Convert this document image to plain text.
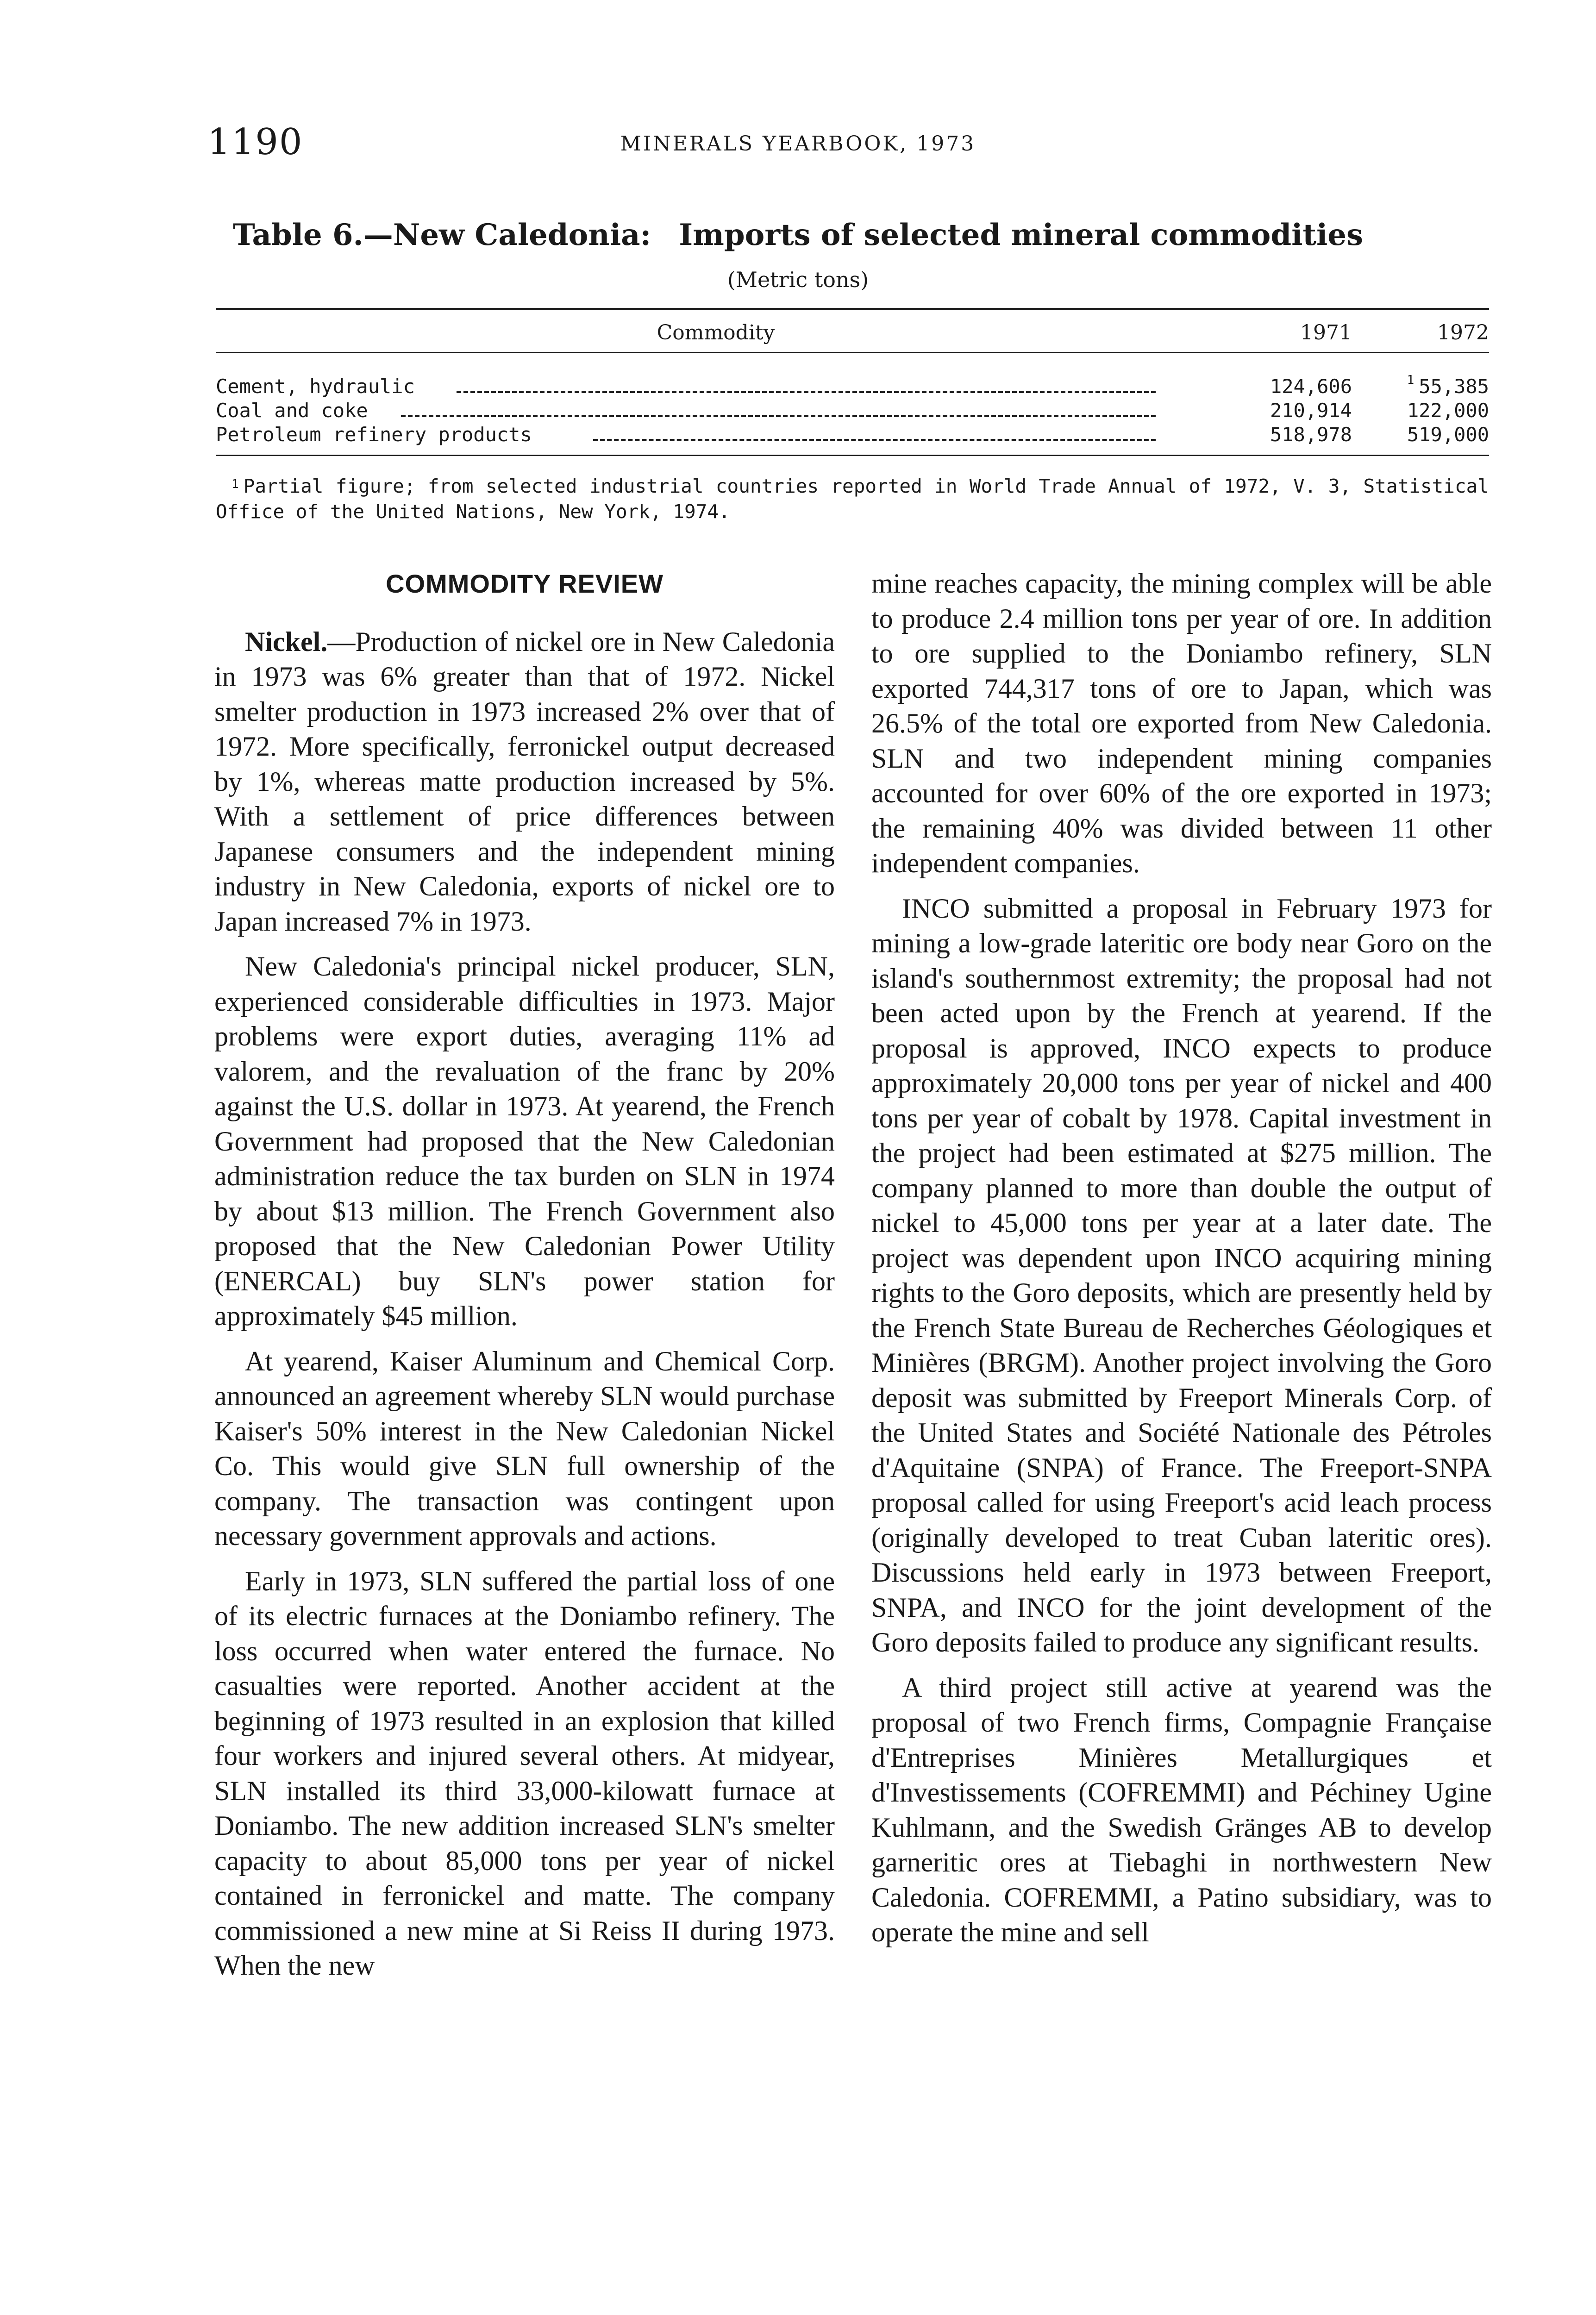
1190	MINERALS YEARBOOK, 1973
Table 6.—New Caledonia: Imports of selected mineral commodities
(Metric tons)
Commodity	1971	1972
Cement, hydraulic	124,606	$^1$ 55,385
Coal and coke	210,914	122,000
Petroleum refinery products	518,978	519,000
$^1$ Partial figure; from selected industrial countries reported in World Trade Annual of 1972, V. 3, Statistical Office of the United Nations, New York, 1974.
COMMODITY REVIEW

Nickel.—Production of nickel ore in New Caledonia in 1973 was 6% greater than that of 1972. Nickel smelter production in 1973 increased 2% over that of 1972. More specifically, ferronickel output decreased by 1%, whereas matte production increased by 5%. With a settlement of price differences between Japanese consumers and the independent mining industry in New Caledonia, exports of nickel ore to Japan increased 7% in 1973.

New Caledonia's principal nickel producer, SLN, experienced considerable difficulties in 1973. Major problems were export duties, averaging 11% ad valorem, and the revaluation of the franc by 20% against the U.S. dollar in 1973. At yearend, the French Government had proposed that the New Caledonian administration reduce the tax burden on SLN in 1974 by about $13 million. The French Government also proposed that the New Caledonian Power Utility (ENERCAL) buy SLN's power station for approximately $45 million.

At yearend, Kaiser Aluminum and Chemical Corp. announced an agreement whereby SLN would purchase Kaiser's 50% interest in the New Caledonian Nickel Co. This would give SLN full ownership of the company. The transaction was contingent upon necessary government approvals and actions.

Early in 1973, SLN suffered the partial loss of one of its electric furnaces at the Doniambo refinery. The loss occurred when water entered the furnace. No casualties were reported. Another accident at the beginning of 1973 resulted in an explosion that killed four workers and injured several others. At midyear, SLN installed its third 33,000-kilowatt furnace at Doniambo. The new addition increased SLN's smelter capacity to about 85,000 tons per year of nickel contained in ferronickel and matte. The company commissioned a new mine at Si Reiss II during 1973. When the new

mine reaches capacity, the mining complex will be able to produce 2.4 million tons per year of ore. In addition to ore supplied to the Doniambo refinery, SLN exported 744,317 tons of ore to Japan, which was 26.5% of the total ore exported from New Caledonia. SLN and two independent mining companies accounted for over 60% of the ore exported in 1973; the remaining 40% was divided between 11 other independent companies.

INCO submitted a proposal in February 1973 for mining a low-grade lateritic ore body near Goro on the island's southernmost extremity; the proposal had not been acted upon by the French at yearend. If the proposal is approved, INCO expects to produce approximately 20,000 tons per year of nickel and 400 tons per year of cobalt by 1978. Capital investment in the project had been estimated at $275 million. The company planned to more than double the output of nickel to 45,000 tons per year at a later date. The project was dependent upon INCO acquiring mining rights to the Goro deposits, which are presently held by the French State Bureau de Recherches Géologiques et Minières (BRGM). Another project involving the Goro deposit was submitted by Freeport Minerals Corp. of the United States and Société Nationale des Pétroles d'Aquitaine (SNPA) of France. The Freeport-SNPA proposal called for using Freeport's acid leach process (originally developed to treat Cuban lateritic ores). Discussions held early in 1973 between Freeport, SNPA, and INCO for the joint development of the Goro deposits failed to produce any significant results.

A third project still active at yearend was the proposal of two French firms, Compagnie Française d'Entreprises Minières Metallurgiques et d'Investissements (COFREMMI) and Péchiney Ugine Kuhlmann, and the Swedish Gränges AB to develop garneritic ores at Tiebaghi in northwestern New Caledonia. COFREMMI, a Patino subsidiary, was to operate the mine and sell
